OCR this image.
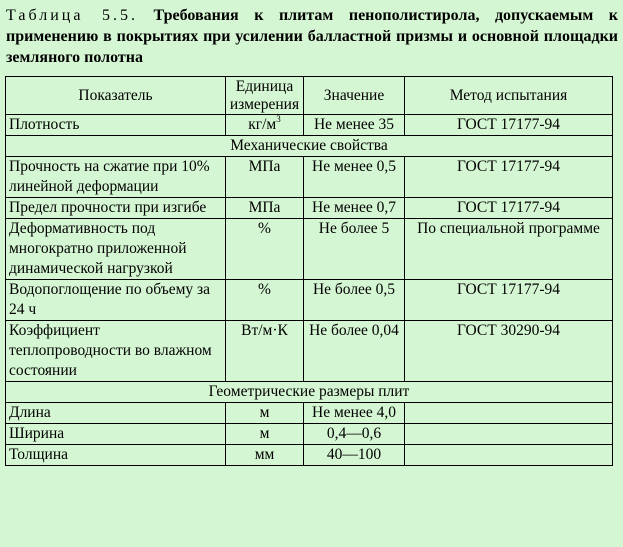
Таблица 5.5. Требования к плитам пенополистирола, допускаемым к применению в покрытиях при усилении балластной призмы и основной площадки земляного полотна
Показатель	Единица измерения	Значение	Метод испытания
Плотность	$кг/м^3$	Не менее 35	ГОСТ 17177-94
Механические свойства			
Прочность на сжатие при 10% линейной деформации	МПа	Не менее 0,5	ГОСТ 17177-94
Предел прочности при изгибе	МПа	Не менее 0,7	ГОСТ 17177-94
Деформативность под многократно приложенной динамической нагрузкой	%	Не более 5	По специальной программе
Водопоглощение по объему за 24 ч	%	Не более 0,5	ГОСТ 17177-94
Коэффициент теплопроводности во влажном состоянии	Вт/м·К	Не более 0,04	ГОСТ 30290-94
Геометрические размеры плит			
Длина	м	Не менее 4,0	
Ширина	м	0,4—0,6	
Толщина	мм	40—100	
